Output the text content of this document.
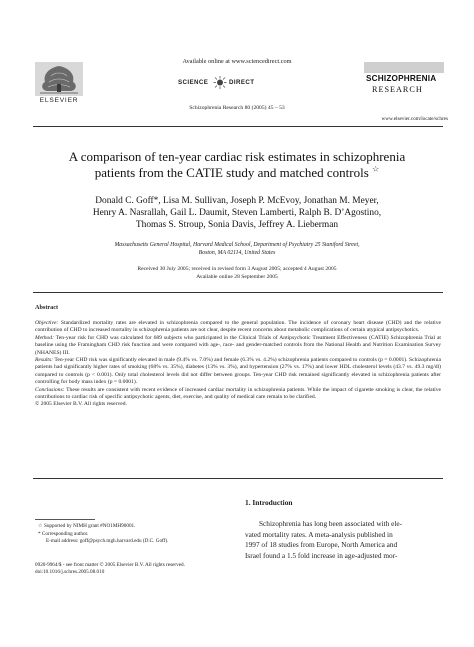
Available online at www.sciencedirect.com
SCIENCE	DIRECT
ELSEVIER
Schizophrenia Research 80 (2005) 45 – 53
SCHIZOPHRENIA
RESEARCH
www.elsevier.com/locate/schres
A comparison of ten-year cardiac risk estimates in schizophrenia
patients from the CATIE study and matched controls ☆
Donald C. Goff*, Lisa M. Sullivan, Joseph P. McEvoy, Jonathan M. Meyer,
Henry A. Nasrallah, Gail L. Daumit, Steven Lamberti, Ralph B. D’Agostino,
Thomas S. Stroup, Sonia Davis, Jeffrey A. Lieberman
Massachusetts General Hospital, Harvard Medical School, Department of Psychiatry 25 Staniford Street,
Boston, MA 02114, United States
Received 30 July 2005; received in revised form 3 August 2005; accepted 4 August 2005
Available online 28 September 2005
Abstract
Objective: Standardized mortality rates are elevated in schizophrenia compared to the general population. The incidence of coronary heart disease (CHD) and the relative contribution of CHD to increased mortality in schizophrenia patients are not clear, despite recent concerns about metabolic complications of certain atypical antipsychotics.
Method: Ten-year risk for CHD was calculated for 689 subjects who participated in the Clinical Trials of Antipsychotic Treatment Effectiveness (CATIE) Schizophrenia Trial at baseline using the Framingham CHD risk function and were compared with age-, race- and gender-matched controls from the National Health and Nutrition Examination Survey (NHANES) III.
Results: Ten-year CHD risk was significantly elevated in male (9.4% vs. 7.0%) and female (6.3% vs. 4.2%) schizophrenia patients compared to controls (p = 0.0001). Schizophrenia patients had significantly higher rates of smoking (68% vs. 35%), diabetes (13% vs. 3%), and hypertension (27% vs. 17%) and lower HDL cholesterol levels (43.7 vs. 49.3 mg/dl) compared to controls (p < 0.001). Only total cholesterol levels did not differ between groups. Ten-year CHD risk remained significantly elevated in schizophrenia patients after controlling for body mass index (p = 0.0001).
Conclusions: These results are consistent with recent evidence of increased cardiac mortality in schizophrenia patients. While the impact of cigarette smoking is clear, the relative contributions to cardiac risk of specific antipsychotic agents, diet, exercise, and quality of medical care remain to be clarified.
© 2005 Elsevier B.V. All rights reserved.
1. Introduction
Schizophrenia has long been associated with ele-
vated mortality rates. A meta-analysis published in
1997 of 18 studies from Europe, North America and
Israel found a 1.5 fold increase in age-adjusted mor-
☆ Supported by NIMH grant #NO1MH90001.
* Corresponding author.
E-mail address: goff@psych.mgh.harvard.edu (D.C. Goff).
0920-9964/$ - see front matter © 2005 Elsevier B.V. All rights reserved.
doi:10.1016/j.schres.2005.08.010
